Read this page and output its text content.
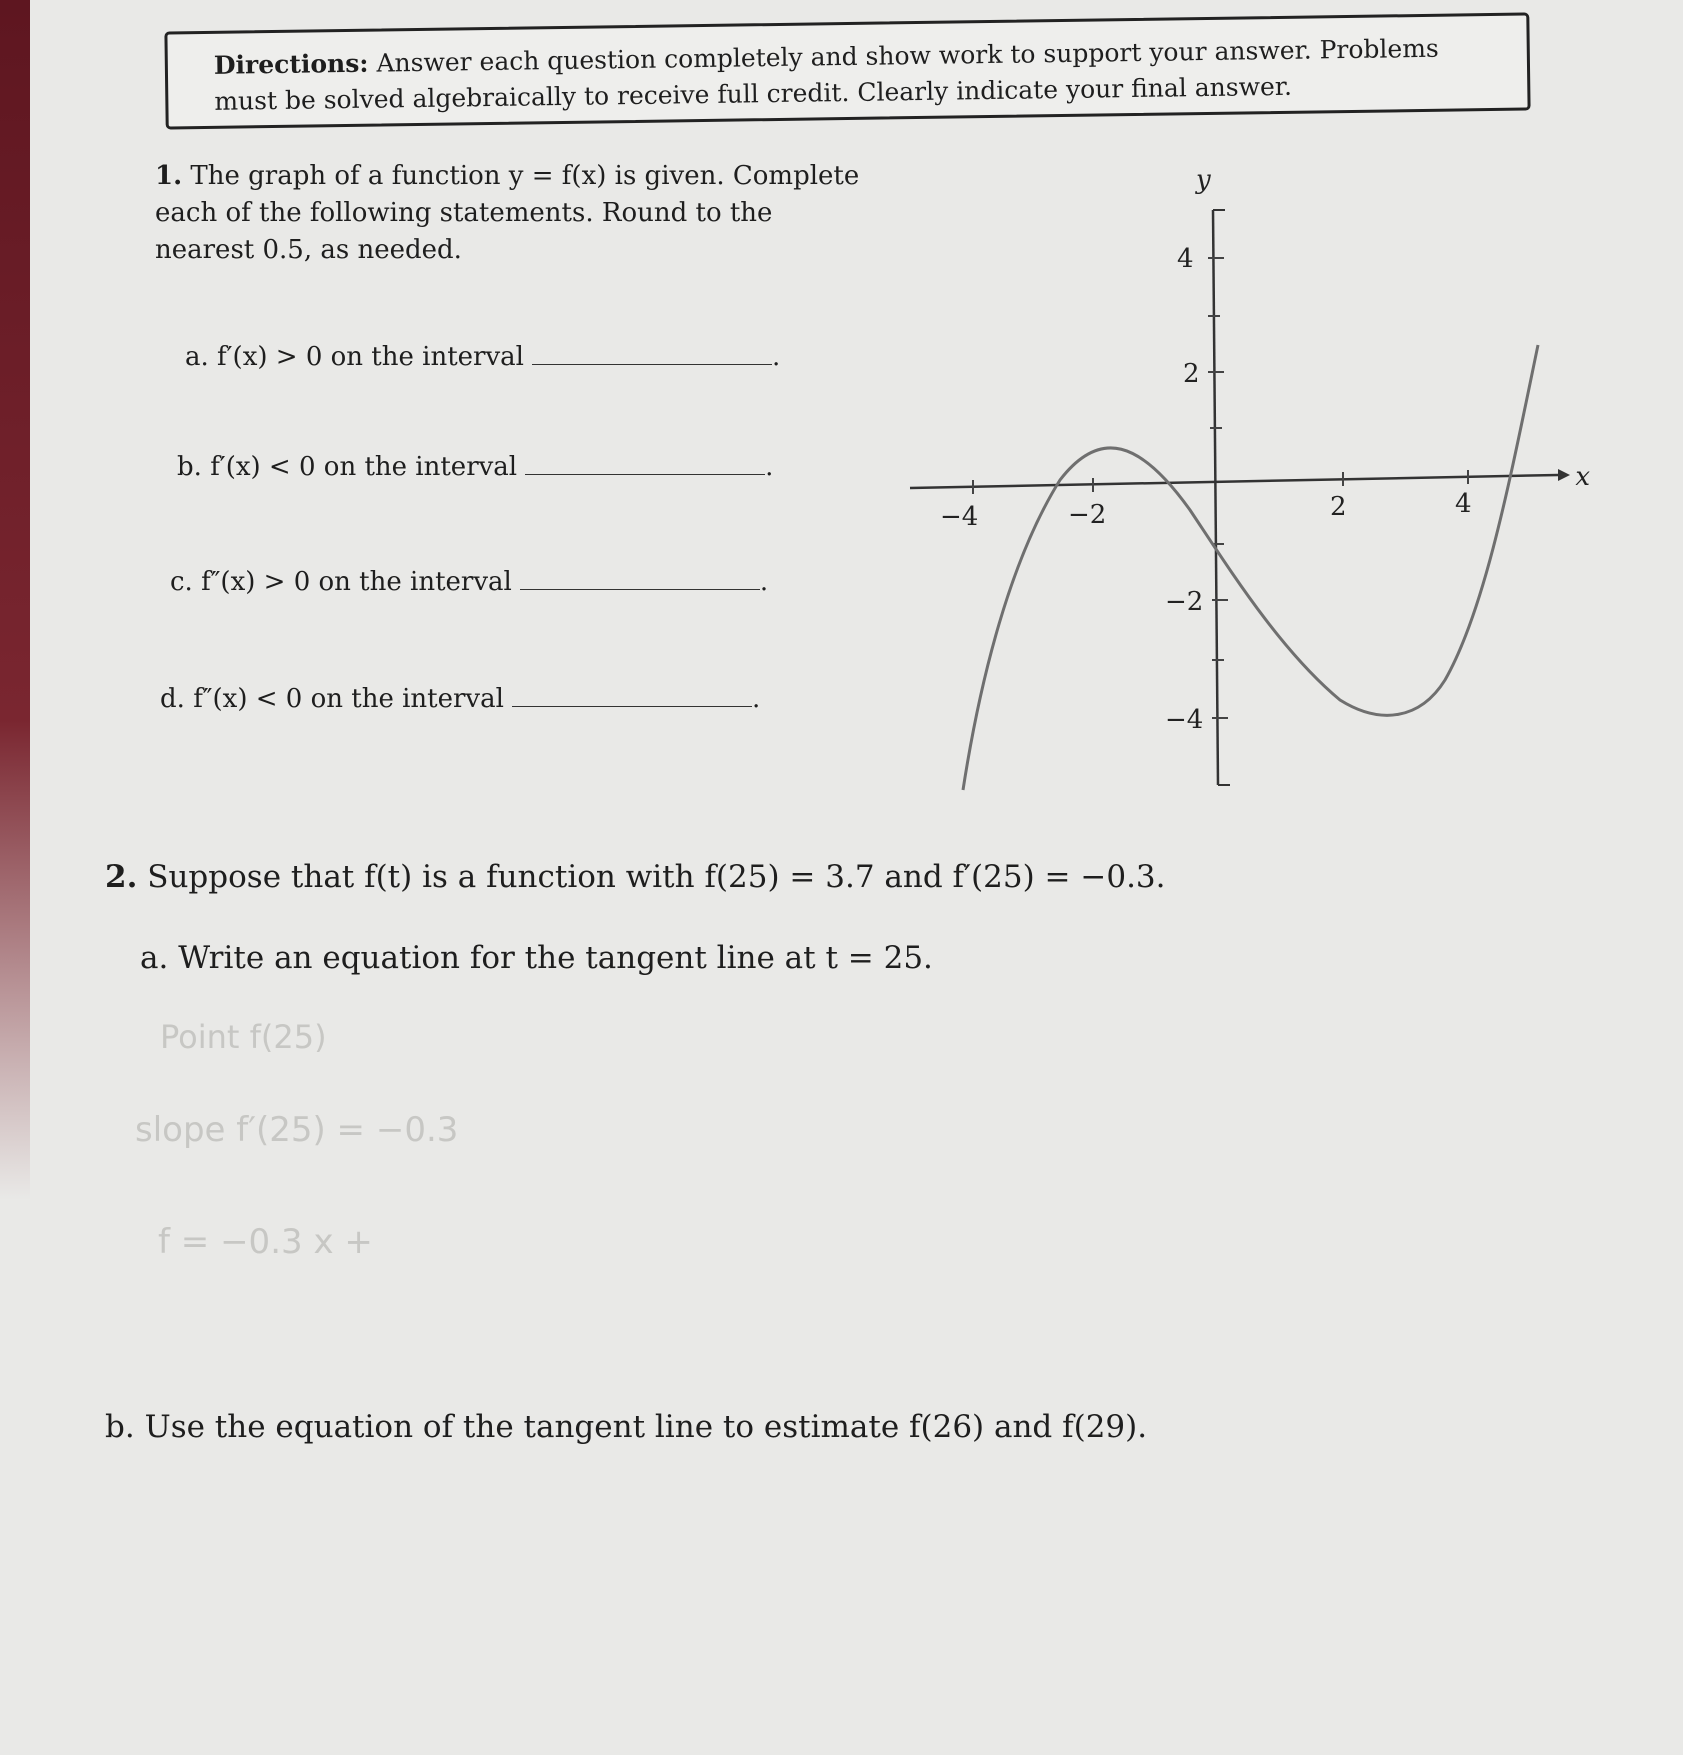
Directions: Answer each question completely and show work to support your answer. Problems must be solved algebraically to receive full credit. Clearly indicate your final answer.
1. The graph of a function y = f(x) is given. Complete each of the following statements. Round to the nearest 0.5, as needed.
a. f′(x) > 0 on the interval	.
b. f′(x) < 0 on the interval	.
c. f″(x) > 0 on the interval	.
d. f″(x) < 0 on the interval	.
−4	−2	2	4
4
2
−2
−4
x
y
2. Suppose that f(t) is a function with f(25) = 3.7 and f′(25) = −0.3.
a. Write an equation for the tangent line at t = 25.
Point f(25)
slope f′(25) = −0.3
f = −0.3 x +
b. Use the equation of the tangent line to estimate f(26) and f(29).
